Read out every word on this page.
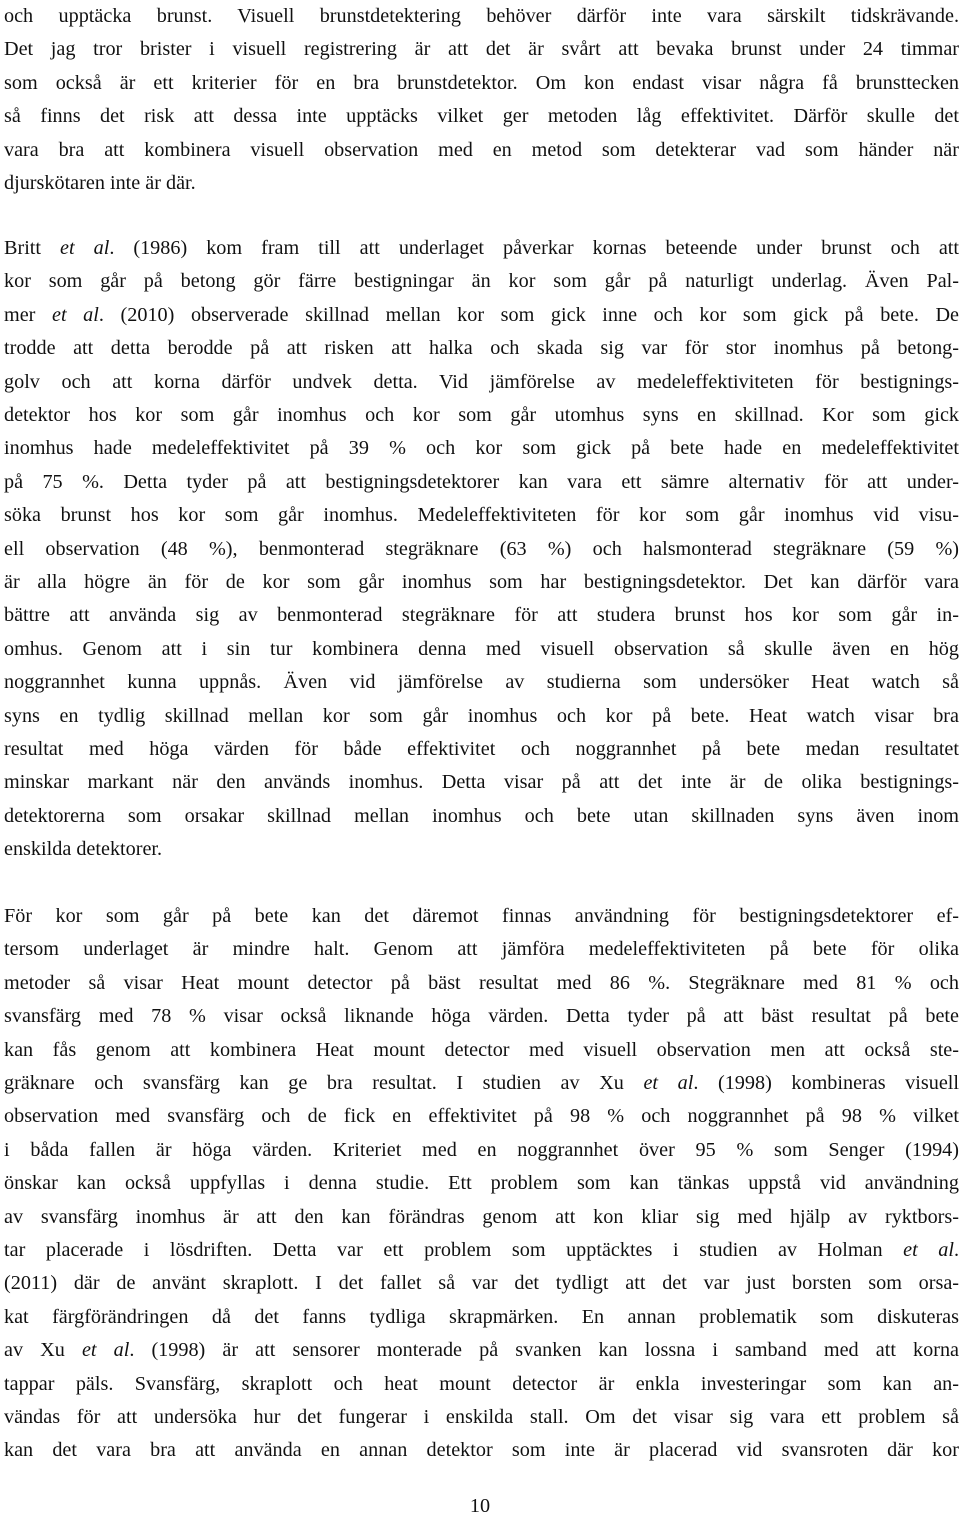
och upptäcka brunst. Visuell brunstdetektering behöver därför inte vara särskilt tidskrävande.
Det jag tror brister i visuell registrering är att det är svårt att bevaka brunst under 24 timmar
som också är ett kriterier för en bra brunstdetektor. Om kon endast visar några få brunsttecken
så finns det risk att dessa inte upptäcks vilket ger metoden låg effektivitet. Därför skulle det
vara bra att kombinera visuell observation med en metod som detekterar vad som händer när
djurskötaren inte är där.
Britt et al. (1986) kom fram till att underlaget påverkar kornas beteende under brunst och att
kor som går på betong gör färre bestigningar än kor som går på naturligt underlag. Även Pal-
mer et al. (2010) observerade skillnad mellan kor som gick inne och kor som gick på bete. De
trodde att detta berodde på att risken att halka och skada sig var för stor inomhus på betong-
golv och att korna därför undvek detta. Vid jämförelse av medeleffektiviteten för bestignings-
detektor hos kor som går inomhus och kor som går utomhus syns en skillnad. Kor som gick
inomhus hade medeleffektivitet på 39 % och kor som gick på bete hade en medeleffektivitet
på 75 %. Detta tyder på att bestigningsdetektorer kan vara ett sämre alternativ för att under-
söka brunst hos kor som går inomhus. Medeleffektiviteten för kor som går inomhus vid visu-
ell observation (48 %), benmonterad stegräknare (63 %) och halsmonterad stegräknare (59 %)
är alla högre än för de kor som går inomhus som har bestigningsdetektor. Det kan därför vara
bättre att använda sig av benmonterad stegräknare för att studera brunst hos kor som går in-
omhus. Genom att i sin tur kombinera denna med visuell observation så skulle även en hög
noggrannhet kunna uppnås. Även vid jämförelse av studierna som undersöker Heat watch så
syns en tydlig skillnad mellan kor som går inomhus och kor på bete. Heat watch visar bra
resultat med höga värden för både effektivitet och noggrannhet på bete medan resultatet
minskar markant när den används inomhus. Detta visar på att det inte är de olika bestignings-
detektorerna som orsakar skillnad mellan inomhus och bete utan skillnaden syns även inom
enskilda detektorer.
För kor som går på bete kan det däremot finnas användning för bestigningsdetektorer ef-
tersom underlaget är mindre halt. Genom att jämföra medeleffektiviteten på bete för olika
metoder så visar Heat mount detector på bäst resultat med 86 %. Stegräknare med 81 % och
svansfärg med 78 % visar också liknande höga värden. Detta tyder på att bäst resultat på bete
kan fås genom att kombinera Heat mount detector med visuell observation men att också ste-
gräknare och svansfärg kan ge bra resultat. I studien av Xu et al. (1998) kombineras visuell
observation med svansfärg och de fick en effektivitet på 98 % och noggrannhet på 98 % vilket
i båda fallen är höga värden. Kriteriet med en noggrannhet över 95 % som Senger (1994)
önskar kan också uppfyllas i denna studie. Ett problem som kan tänkas uppstå vid användning
av svansfärg inomhus är att den kan förändras genom att kon kliar sig med hjälp av ryktbors-
tar placerade i lösdriften. Detta var ett problem som upptäcktes i studien av Holman et al.
(2011) där de använt skraplott. I det fallet så var det tydligt att det var just borsten som orsa-
kat färgförändringen då det fanns tydliga skrapmärken. En annan problematik som diskuteras
av Xu et al. (1998) är att sensorer monterade på svanken kan lossna i samband med att korna
tappar päls. Svansfärg, skraplott och heat mount detector är enkla investeringar som kan an-
vändas för att undersöka hur det fungerar i enskilda stall. Om det visar sig vara ett problem så
kan det vara bra att använda en annan detektor som inte är placerad vid svansroten där kor
10
